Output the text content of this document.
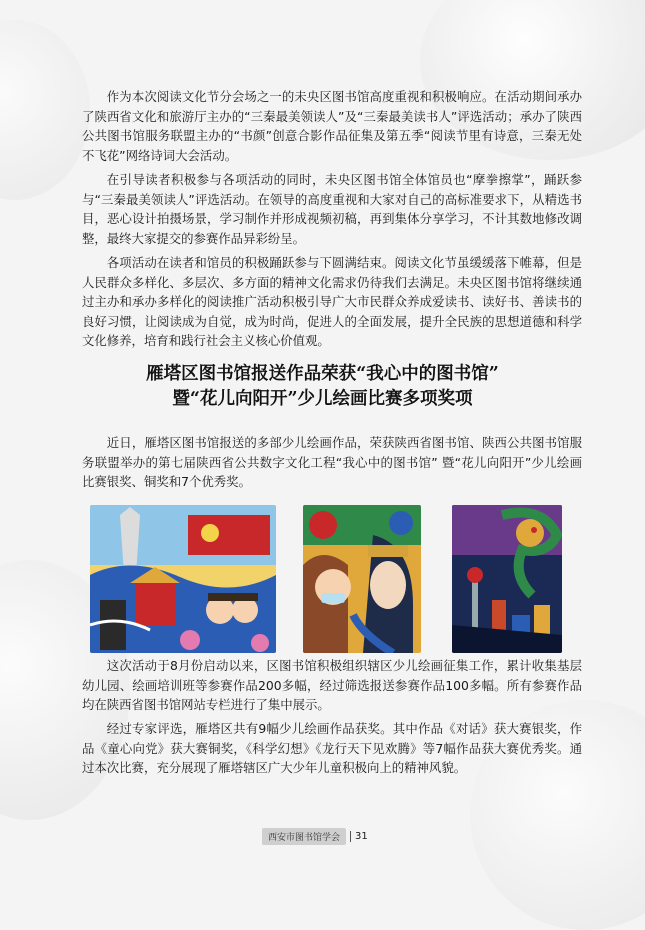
作为本次阅读文化节分会场之一的未央区图书馆高度重视和积极响应。在活动期间承办了陕西省文化和旅游厅主办的“三秦最美领读人”及“三秦最美读书人”评选活动；承办了陕西公共图书馆服务联盟主办的“书颜”创意合影作品征集及第五季“阅读节里有诗意，三秦无处不飞花”网络诗词大会活动。

在引导读者积极参与各项活动的同时，未央区图书馆全体馆员也“摩拳擦掌”，踊跃参与“三秦最美领读人”评选活动。在领导的高度重视和大家对自己的高标准要求下，从精选书目，恶心设计拍摄场景，学习制作并形成视频初稿，再到集体分享学习，不计其数地修改调整，最终大家提交的参赛作品异彩纷呈。

各项活动在读者和馆员的积极踊跃参与下圆满结束。阅读文化节虽缓缓落下帷幕，但是人民群众多样化、多层次、多方面的精神文化需求仍待我们去满足。未央区图书馆将继续通过主办和承办多样化的阅读推广活动积极引导广大市民群众养成爱读书、读好书、善读书的良好习惯，让阅读成为自觉，成为时尚，促进人的全面发展，提升全民族的思想道德和科学文化修养，培育和践行社会主义核心价值观。

雁塔区图书馆报送作品荣获“我心中的图书馆”
暨“花儿向阳开”少儿绘画比赛多项奖项

近日，雁塔区图书馆报送的多部少儿绘画作品，荣获陕西省图书馆、陕西公共图书馆服务联盟举办的第七届陕西省公共数字文化工程“我心中的图书馆” 暨“花儿向阳开”少儿绘画比赛银奖、铜奖和7个优秀奖。

这次活动于8月份启动以来，区图书馆积极组织辖区少儿绘画征集工作，累计收集基层幼儿园、绘画培训班等参赛作品200多幅，经过筛选报送参赛作品100多幅。所有参赛作品均在陕西省图书馆网站专栏进行了集中展示。

经过专家评选，雁塔区共有9幅少儿绘画作品获奖。其中作品《对话》获大赛银奖，作品《童心向党》获大赛铜奖，《科学幻想》《龙行天下见欢腾》等7幅作品获大赛优秀奖。通过本次比赛，充分展现了雁塔辖区广大少年儿童积极向上的精神风貌。

西安市图书馆学会	31
